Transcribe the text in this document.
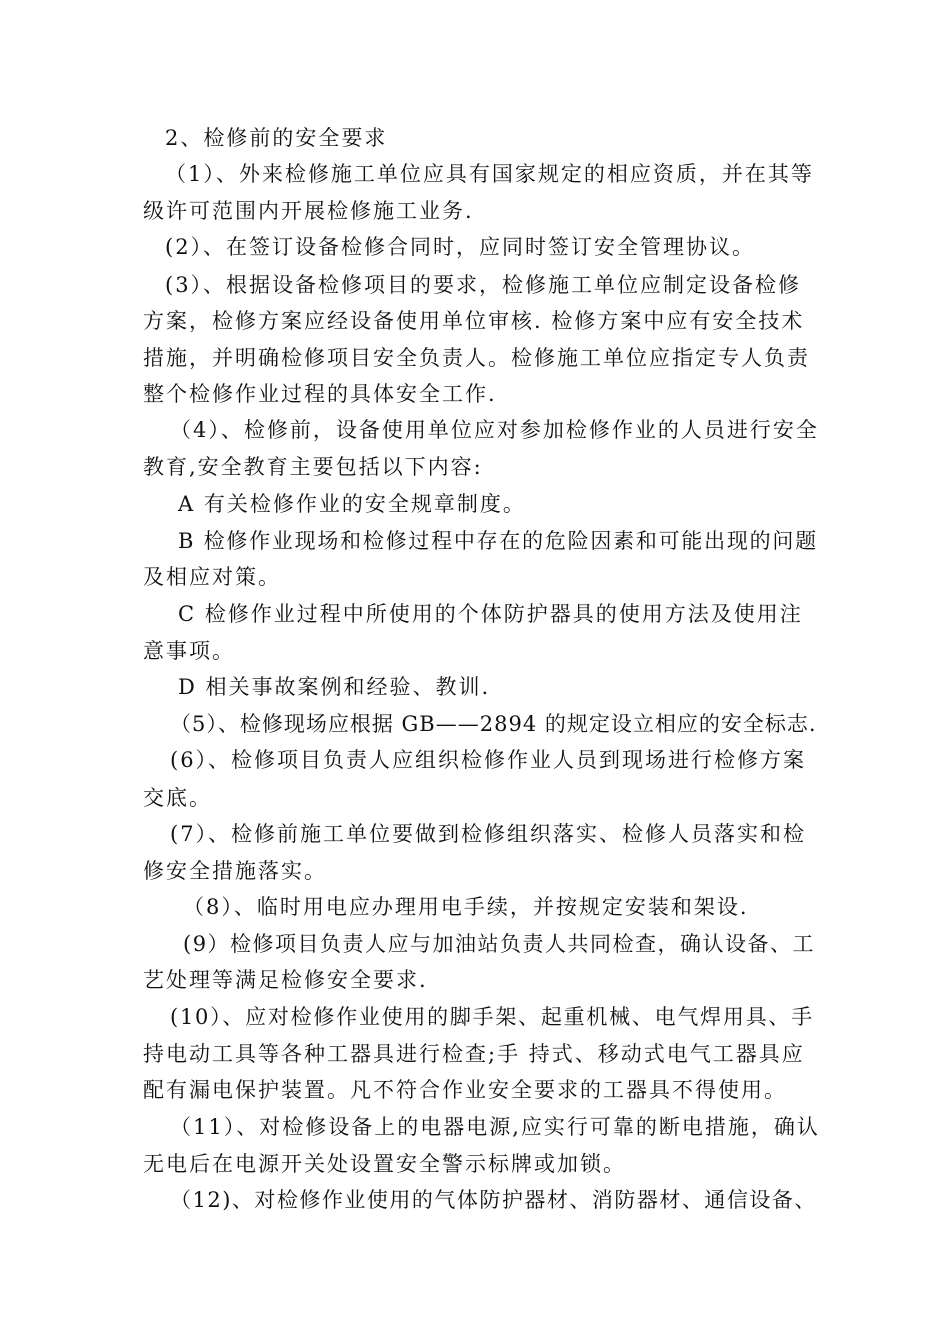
2、检修前的安全要求
（1）、外来检修施工单位应具有国家规定的相应资质，并在其等
级许可范围内开展检修施工业务.
(2）、在签订设备检修合同时，应同时签订安全管理协议。
(3）、根据设备检修项目的要求，检修施工单位应制定设备检修
方案，检修方案应经设备使用单位审核. 检修方案中应有安全技术
措施，并明确检修项目安全负责人。检修施工单位应指定专人负责
整个检修作业过程的具体安全工作.
（4）、检修前，设备使用单位应对参加检修作业的人员进行安全
教育,安全教育主要包括以下内容:
A 有关检修作业的安全规章制度。
B 检修作业现场和检修过程中存在的危险因素和可能出现的问题
及相应对策。
C 检修作业过程中所使用的个体防护器具的使用方法及使用注
意事项。
D 相关事故案例和经验、教训.
（5）、检修现场应根据 GB——2894 的规定设立相应的安全标志.
(6）、检修项目负责人应组织检修作业人员到现场进行检修方案
交底。
(7）、检修前施工单位要做到检修组织落实、检修人员落实和检
修安全措施落实。
（8）、临时用电应办理用电手续，并按规定安装和架设.
(9）检修项目负责人应与加油站负责人共同检查，确认设备、工
艺处理等满足检修安全要求.
(10）、应对检修作业使用的脚手架、起重机械、电气焊用具、手
持电动工具等各种工器具进行检查;手 持式、移动式电气工器具应
配有漏电保护装置。凡不符合作业安全要求的工器具不得使用。
（11）、对检修设备上的电器电源,应实行可靠的断电措施，确认
无电后在电源开关处设置安全警示标牌或加锁。
（12)、对检修作业使用的气体防护器材、消防器材、通信设备、
